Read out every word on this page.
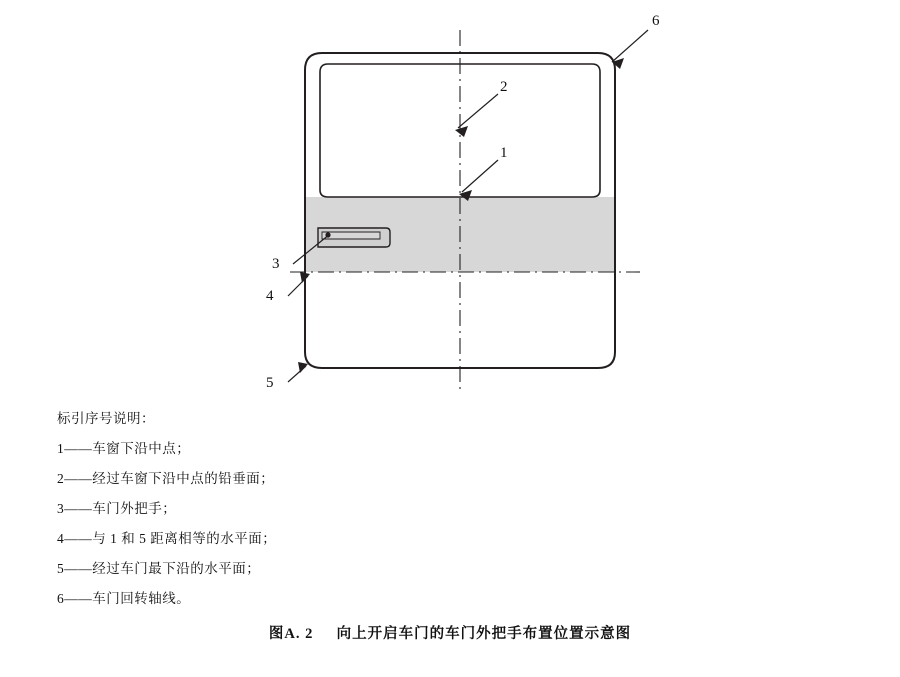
6
2
1
3
4
5
标引序号说明：
1——车窗下沿中点；
2——经过车窗下沿中点的铅垂面；
3——车门外把手；
4——与 1 和 5 距离相等的水平面；
5——经过车门最下沿的水平面；
6——车门回转轴线。
图A. 2 向上开启车门的车门外把手布置位置示意图
